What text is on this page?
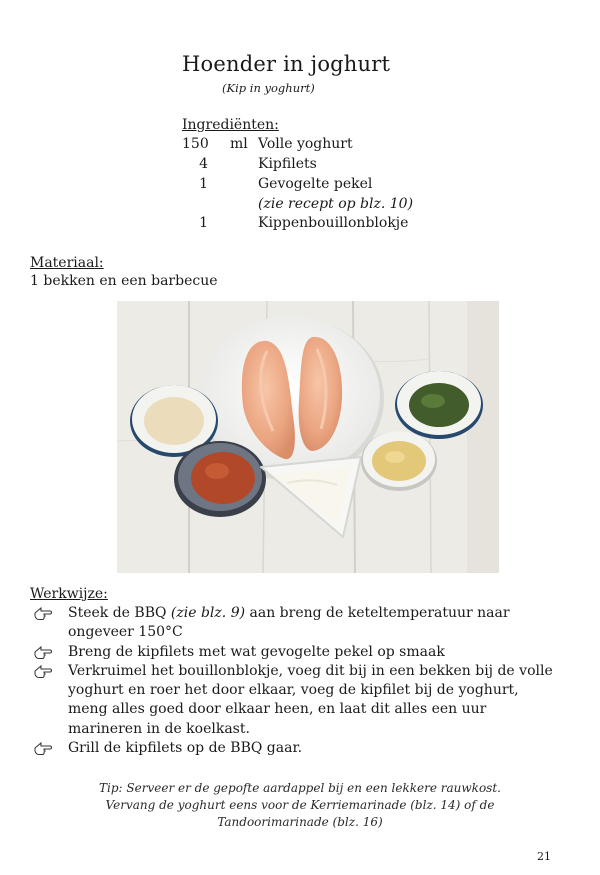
Hoender in joghurt
(Kip in yoghurt)
Ingrediënten:
150 ml Volle yoghurt
4	Kipfilets
1	Gevogelte pekel
(zie recept op blz. 10)
1	Kippenbouillonblokje
Materiaal:
1 bekken en een barbecue
Werkwijze:
Steek de BBQ (zie blz. 9) aan breng de keteltemperatuur naar ongeveer 150°C
Breng de kipfilets met wat gevogelte pekel op smaak
Verkruimel het bouillonblokje, voeg dit bij in een bekken bij de volle yoghurt en roer het door elkaar, voeg de kipfilet bij de yoghurt, meng alles goed door elkaar heen, en laat dit alles een uur marineren in de koelkast.
Grill de kipfilets op de BBQ gaar.
Tip: Serveer er de gepofte aardappel bij en een lekkere rauwkost.
Vervang de yoghurt eens voor de Kerriemarinade (blz. 14) of de
Tandoorimarinade (blz. 16)
21
